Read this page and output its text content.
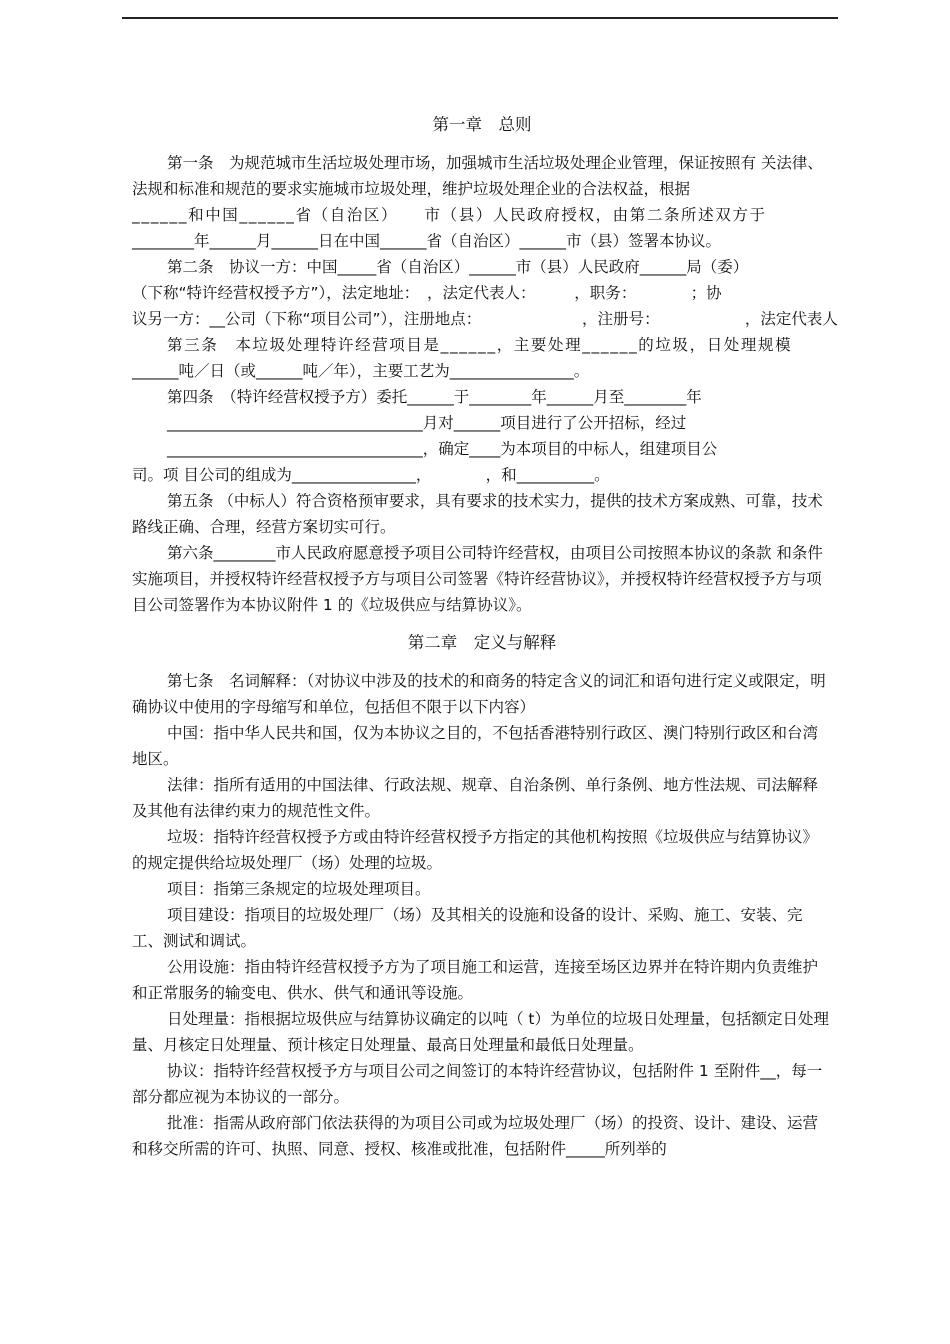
第一章　总则

第一条　为规范城市生活垃圾处理市场，加强城市生活垃圾处理企业管理，保证按照有 关法律、法规和标准和规范的要求实施城市垃圾处理，维护垃圾处理企业的合法权益，根据

______和中国______省（自治区）　　市（县）人民政府授权，由第二条所述双方于

________年______月______日在中国______省（自治区）______市（县）签署本协议。

第二条　协议一方：中国_____省（自治区）______市（县）人民政府______局（委）

（下称“特许经营权授予方”），法定地址：　，法定代表人：　　　，职务：　　　　；协

议另一方：__公司（下称“项目公司”），注册地点：　　　　　　　，注册号：　　　　　　，法定代表人

第三条　本垃圾处理特许经营项目是______，主要处理______的垃圾，日处理规模

______吨／日（或______吨／年），主要工艺为________________。

第四条　（特许经营权授予方）委托______于________年______月至________年

_________________________________月对______项目进行了公开招标，经过

_________________________________，确定____为本项目的中标人，组建项目公

司。项 目公司的组成为________________，　　　　，和__________。

第五条 （中标人）符合资格预审要求，具有要求的技术实力，提供的技术方案成熟、可靠，技术路线正确、合理，经营方案切实可行。

第六条________市人民政府愿意授予项目公司特许经营权，由项目公司按照本协议的条款 和条件实施项目，并授权特许经营权授予方与项目公司签署《特许经营协议》，并授权特许经营权授予方与项目公司签署作为本协议附件 1 的《垃圾供应与结算协议》。

第二章　定义与解释

第七条　名词解释：（对协议中涉及的技术的和商务的特定含义的词汇和语句进行定义或限定，明确协议中使用的字母缩写和单位，包括但不限于以下内容）

中国：指中华人民共和国，仅为本协议之目的，不包括香港特别行政区、澳门特别行政区和台湾地区。

法律：指所有适用的中国法律、行政法规、规章、自治条例、单行条例、地方性法规、司法解释及其他有法律约束力的规范性文件。

垃圾：指特许经营权授予方或由特许经营权授予方指定的其他机构按照《垃圾供应与结算协议》的规定提供给垃圾处理厂（场）处理的垃圾。

项目：指第三条规定的垃圾处理项目。

项目建设：指项目的垃圾处理厂（场）及其相关的设施和设备的设计、采购、施工、安装、完工、测试和调试。

公用设施：指由特许经营权授予方为了项目施工和运营，连接至场区边界并在特许期内负责维护和正常服务的输变电、供水、供气和通讯等设施。

日处理量：指根据垃圾供应与结算协议确定的以吨（ t）为单位的垃圾日处理量，包括额定日处理量、月核定日处理量、预计核定日处理量、最高日处理量和最低日处理量。

协议：指特许经营权授予方与项目公司之间签订的本特许经营协议，包括附件 1 至附件__，每一部分都应视为本协议的一部分。

批准：指需从政府部门依法获得的为项目公司或为垃圾处理厂（场）的投资、设计、建设、运营和移交所需的许可、执照、同意、授权、核准或批准，包括附件_____所列举的
